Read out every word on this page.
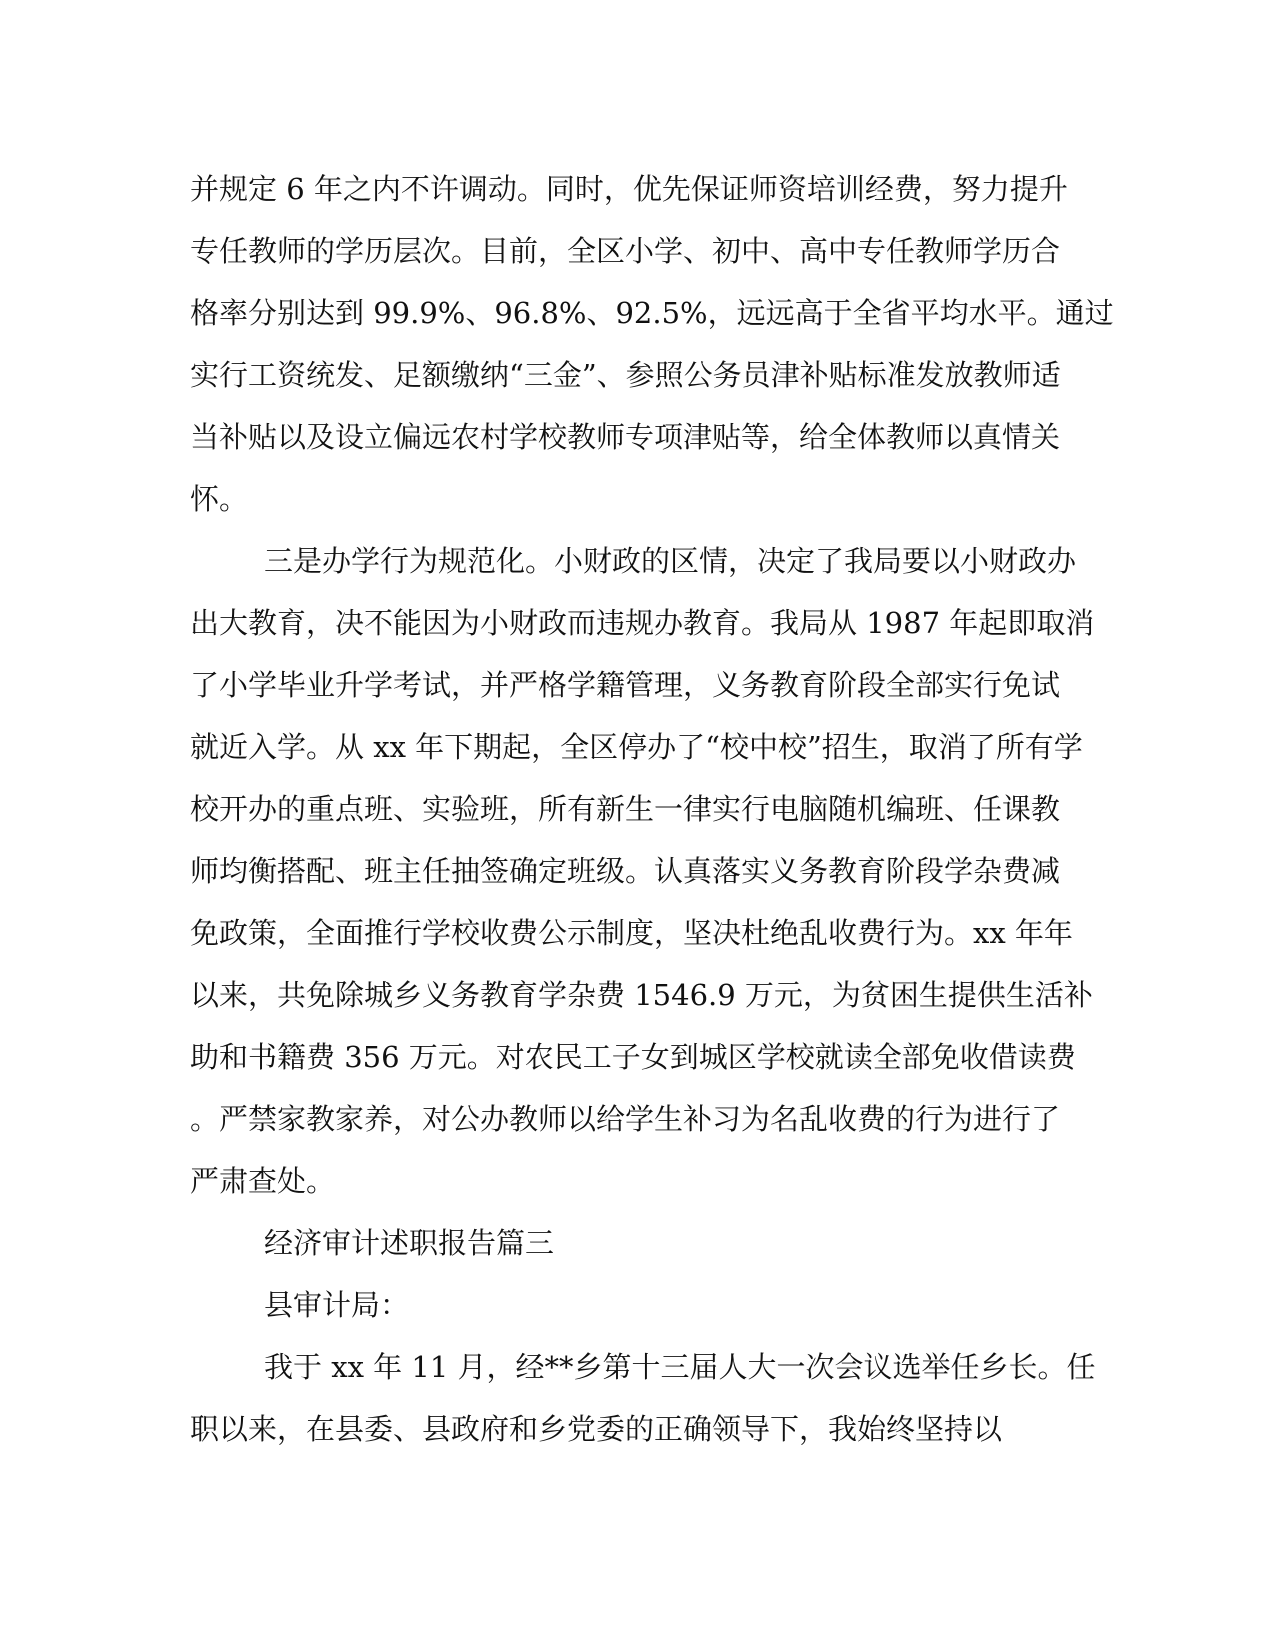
并规定 6 年之内不许调动。同时，优先保证师资培训经费，努力提升
专任教师的学历层次。目前，全区小学、初中、高中专任教师学历合
格率分别达到 99.9%、96.8%、92.5%，远远高于全省平均水平。通过
实行工资统发、足额缴纳“三金”、参照公务员津补贴标准发放教师适
当补贴以及设立偏远农村学校教师专项津贴等，给全体教师以真情关
怀。
三是办学行为规范化。小财政的区情，决定了我局要以小财政办
出大教育，决不能因为小财政而违规办教育。我局从 1987 年起即取消
了小学毕业升学考试，并严格学籍管理，义务教育阶段全部实行免试
就近入学。从 xx 年下期起，全区停办了“校中校”招生，取消了所有学
校开办的重点班、实验班，所有新生一律实行电脑随机编班、任课教
师均衡搭配、班主任抽签确定班级。认真落实义务教育阶段学杂费减
免政策，全面推行学校收费公示制度，坚决杜绝乱收费行为。xx 年年
以来，共免除城乡义务教育学杂费 1546.9 万元，为贫困生提供生活补
助和书籍费 356 万元。对农民工子女到城区学校就读全部免收借读费
。严禁家教家养，对公办教师以给学生补习为名乱收费的行为进行了
严肃查处。
经济审计述职报告篇三
县审计局：
我于 xx 年 11 月，经**乡第十三届人大一次会议选举任乡长。任
职以来，在县委、县政府和乡党委的正确领导下，我始终坚持以
